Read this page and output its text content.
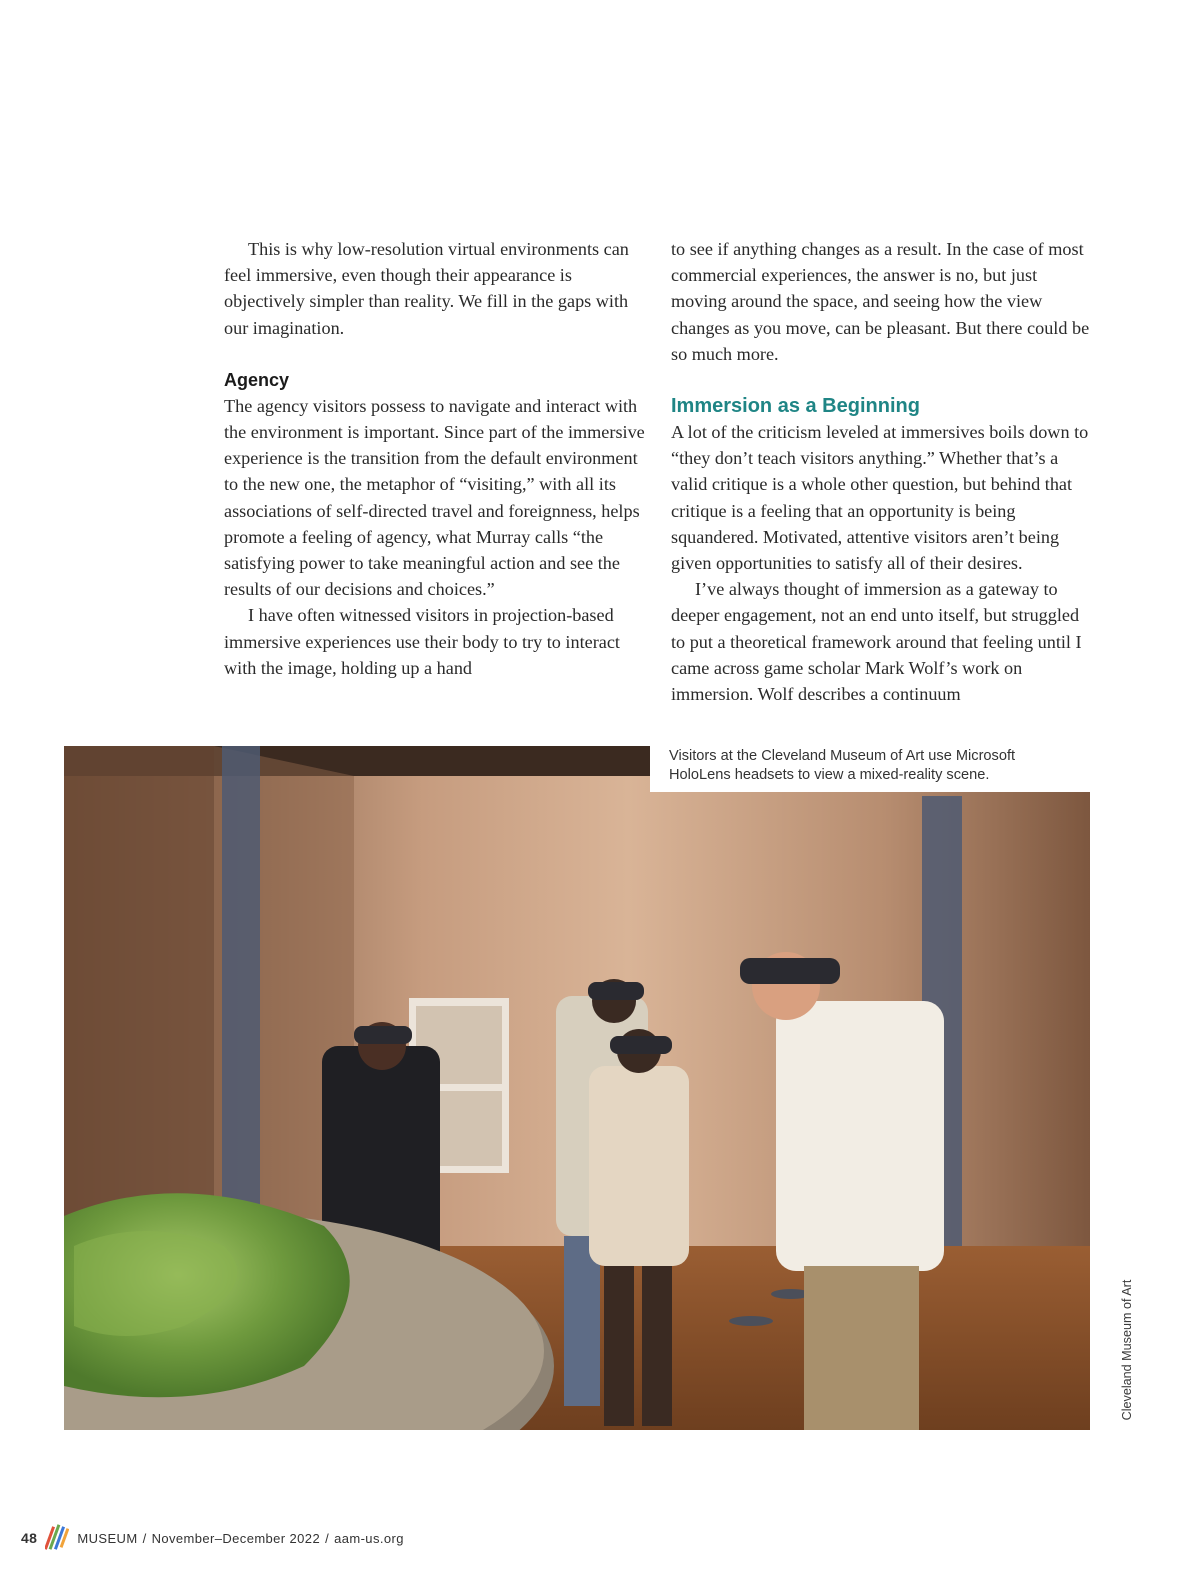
This is why low-resolution virtual environments can feel immersive, even though their appearance is objectively simpler than reality. We fill in the gaps with our imagination.

Agency

The agency visitors possess to navigate and interact with the environment is important. Since part of the immersive experience is the transition from the default environment to the new one, the metaphor of “visiting,” with all its associations of self-directed travel and foreignness, helps promote a feeling of agency, what Murray calls “the satisfying power to take meaningful action and see the results of our decisions and choices.”

I have often witnessed visitors in projection-based immersive experiences use their body to try to interact with the image, holding up a hand

to see if anything changes as a result. In the case of most commercial experiences, the answer is no, but just moving around the space, and seeing how the view changes as you move, can be pleasant. But there could be so much more.

Immersion as a Beginning

A lot of the criticism leveled at immersives boils down to “they don’t teach visitors anything.” Whether that’s a valid critique is a whole other question, but behind that critique is a feeling that an opportunity is being squandered. Motivated, attentive visitors aren’t being given opportunities to satisfy all of their desires.

I’ve always thought of immersion as a gateway to deeper engagement, not an end unto itself, but struggled to put a theoretical framework around that feeling until I came across game scholar Mark Wolf’s work on immersion. Wolf describes a continuum

Visitors at the Cleveland Museum of Art use Microsoft HoloLens headsets to view a mixed-reality scene.
Cleveland Museum of Art
48	MUSEUM / November–December 2022 / aam-us.org
